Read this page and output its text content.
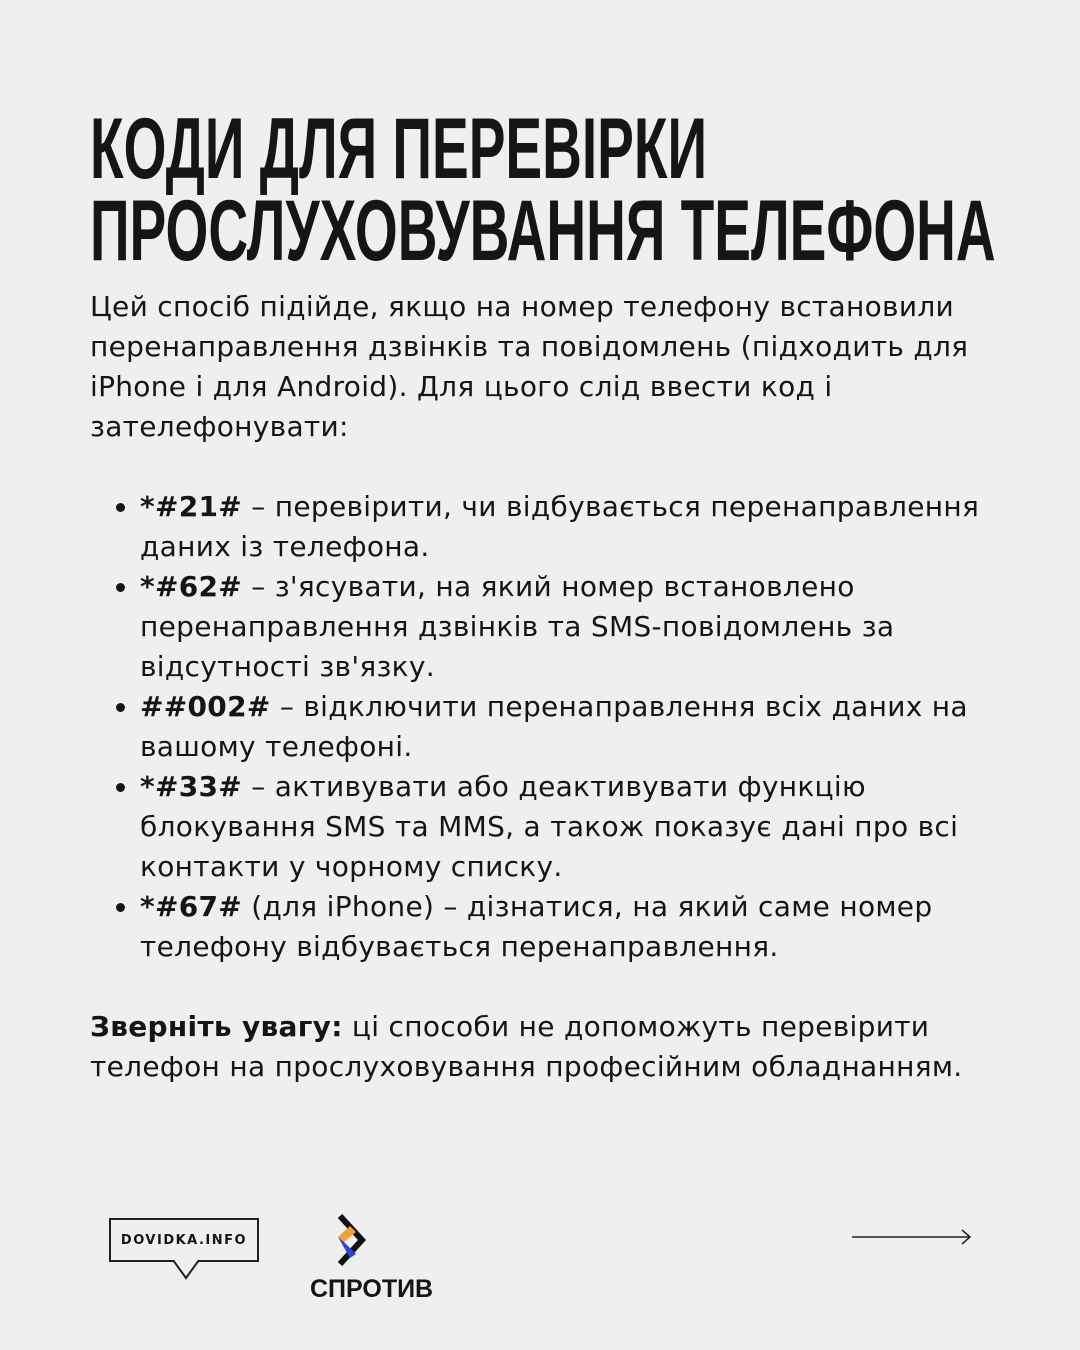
КОДИ ДЛЯ ПЕРЕВІРКИ
ПРОСЛУХОВУВАННЯ ТЕЛЕФОНА

Цей спосіб підійде, якщо на номер телефону встановили перенаправлення дзвінків та повідомлень (підходить для iPhone і для Android). Для цього слід ввести код і зателефонувати:

• *#21# – перевірити, чи відбувається перенаправлення даних із телефона.
• *#62# – з'ясувати, на який номер встановлено перенаправлення дзвінків та SMS-повідомлень за відсутності зв'язку.
• ##002# – відключити перенаправлення всіх даних на вашому телефоні.
• *#33# – активувати або деактивувати функцію блокування SMS та MMS, а також показує дані про всі контакти у чорному списку.
• *#67# (для iPhone) – дізнатися, на який саме номер телефону відбувається перенаправлення.

Зверніть увагу: ці способи не допоможуть перевірити телефон на прослуховування професійним обладнанням.

DOVIDKA.INFO
СПРОТИВ
